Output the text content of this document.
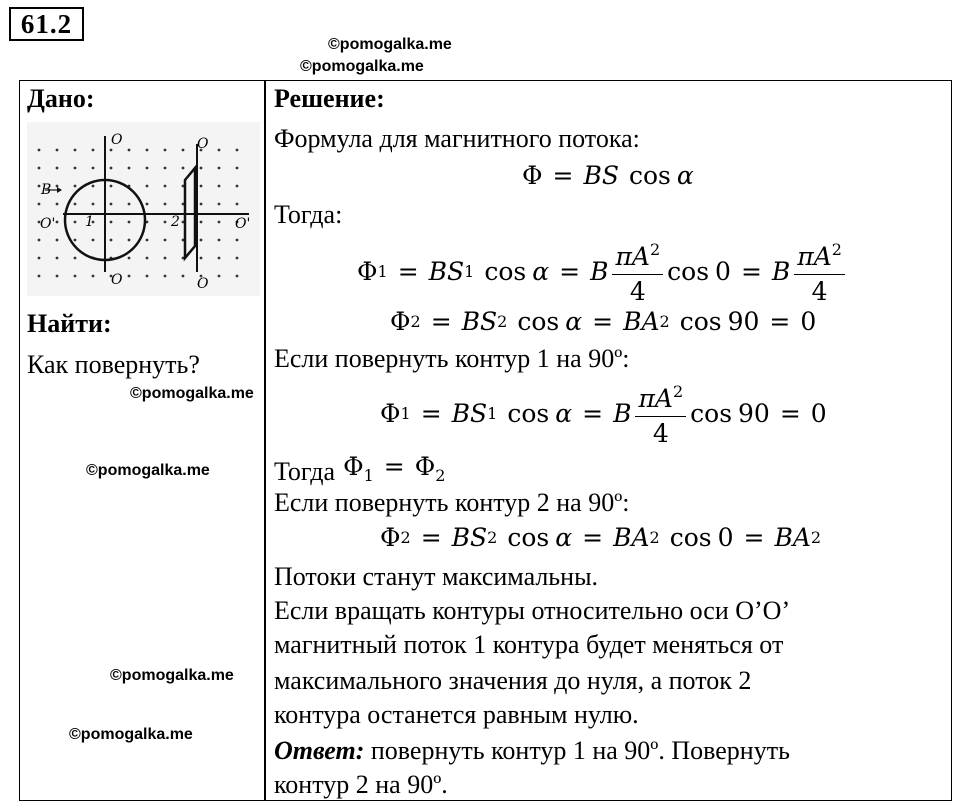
61.2
©pomogalka.me
©pomogalka.me
©pomogalka.me
©pomogalka.me
©pomogalka.me
©pomogalka.me
Дано:
O
O
O
O
O'	O'
B
1	2
Найти:
Как повернуть?
Решение:
Формула для магнитного потока:
Φ = B S cos α
Тогда:
Φ 1 = B S 1 cos α = B $\frac{\pi A^2}{4}$ cos 0 = B $\frac{\pi A^2}{4}$
Φ 2 = B S 2 cos α = B A 2 cos 90 = 0
Если повернуть контур 1 на 90º:
Φ 1 = B S 1 cos α = B $\frac{\pi A^2}{4}$ cos 90 = 0
Тогда $\Phi_1 = \Phi_2$
Если повернуть контур 2 на 90º:
Φ 2 = B S 2 cos α = B A 2 cos 0 = B A 2
Потоки станут максимальны.
Если вращать контуры относительно оси O’O’
магнитный поток 1 контура будет меняться от
максимального значения до нуля, а поток 2
контура останется равным нулю.
Ответ: повернуть контур 1 на 90º. Повернуть
контур 2 на 90º.
